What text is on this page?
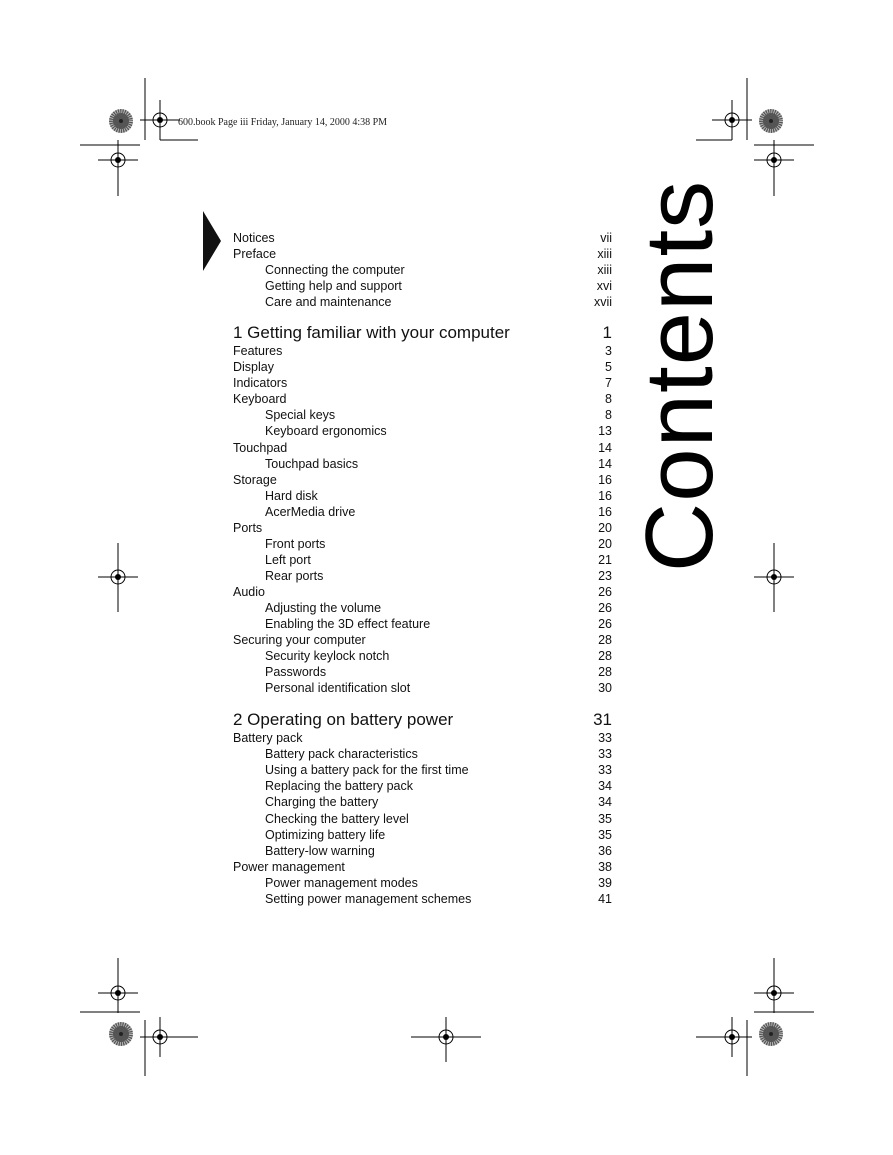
600.book Page iii Friday, January 14, 2000 4:38 PM
Contents
Notices	vii
Preface	xiii
Connecting the computer	xiii
Getting help and support	xvi
Care and maintenance	xvii
1 Getting familiar with your computer	1
Features	3
Display	5
Indicators	7
Keyboard	8
Special keys	8
Keyboard ergonomics	13
Touchpad	14
Touchpad basics	14
Storage	16
Hard disk	16
AcerMedia drive	16
Ports	20
Front ports	20
Left port	21
Rear ports	23
Audio	26
Adjusting the volume	26
Enabling the 3D effect feature	26
Securing your computer	28
Security keylock notch	28
Passwords	28
Personal identification slot	30
2 Operating on battery power	31
Battery pack	33
Battery pack characteristics	33
Using a battery pack for the first time	33
Replacing the battery pack	34
Charging the battery	34
Checking the battery level	35
Optimizing battery life	35
Battery-low warning	36
Power management	38
Power management modes	39
Setting power management schemes	41
